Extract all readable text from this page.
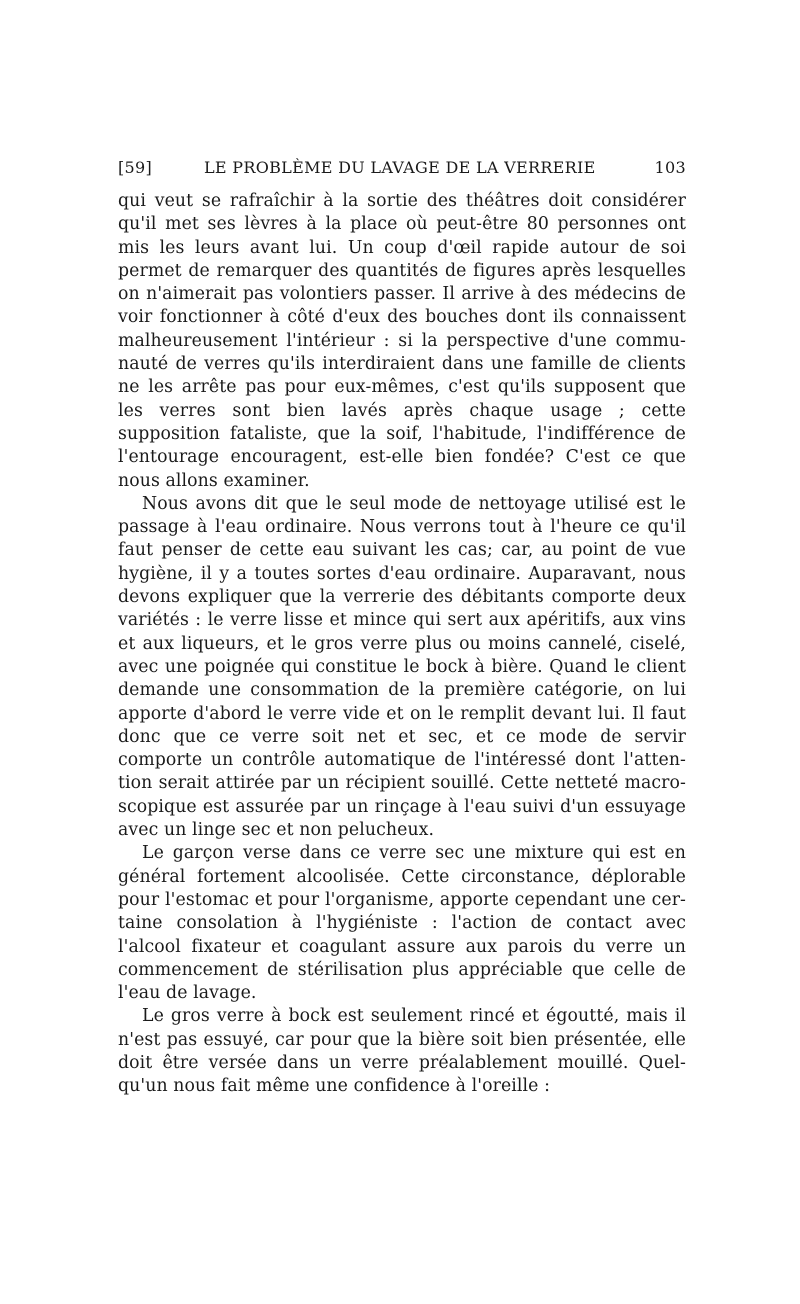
[59]	LE PROBLÈME DU LAVAGE DE LA VERRERIE	103

qui veut se rafraîchir à la sortie des théâtres doit considérer qu'il met ses lèvres à la place où peut-être 80 personnes ont mis les leurs avant lui. Un coup d'œil rapide autour de soi permet de remarquer des quantités de figures après lesquelles on n'aimerait pas volontiers passer. Il arrive à des médecins de voir fonctionner à côté d'eux des bouches dont ils connaissent malheureusement l'intérieur : si la perspective d'une commu-nauté de verres qu'ils interdiraient dans une famille de clients ne les arrête pas pour eux-mêmes, c'est qu'ils supposent que les verres sont bien lavés après chaque usage ; cette supposition fataliste, que la soif, l'habitude, l'indifférence de l'entourage encouragent, est-elle bien fondée? C'est ce que nous allons examiner.

Nous avons dit que le seul mode de nettoyage utilisé est le passage à l'eau ordinaire. Nous verrons tout à l'heure ce qu'il faut penser de cette eau suivant les cas; car, au point de vue hygiène, il y a toutes sortes d'eau ordinaire. Auparavant, nous devons expliquer que la verrerie des débitants comporte deux variétés : le verre lisse et mince qui sert aux apéritifs, aux vins et aux liqueurs, et le gros verre plus ou moins cannelé, ciselé, avec une poignée qui constitue le bock à bière. Quand le client demande une consommation de la première catégorie, on lui apporte d'abord le verre vide et on le remplit devant lui. Il faut donc que ce verre soit net et sec, et ce mode de servir comporte un contrôle automatique de l'intéressé dont l'atten-tion serait attirée par un récipient souillé. Cette netteté macro-scopique est assurée par un rinçage à l'eau suivi d'un essuyage avec un linge sec et non pelucheux.

Le garçon verse dans ce verre sec une mixture qui est en général fortement alcoolisée. Cette circonstance, déplorable pour l'estomac et pour l'organisme, apporte cependant une cer-taine consolation à l'hygiéniste : l'action de contact avec l'alcool fixateur et coagulant assure aux parois du verre un commencement de stérilisation plus appréciable que celle de l'eau de lavage.

Le gros verre à bock est seulement rincé et égoutté, mais il n'est pas essuyé, car pour que la bière soit bien présentée, elle doit être versée dans un verre préalablement mouillé. Quel-qu'un nous fait même une confidence à l'oreille :
